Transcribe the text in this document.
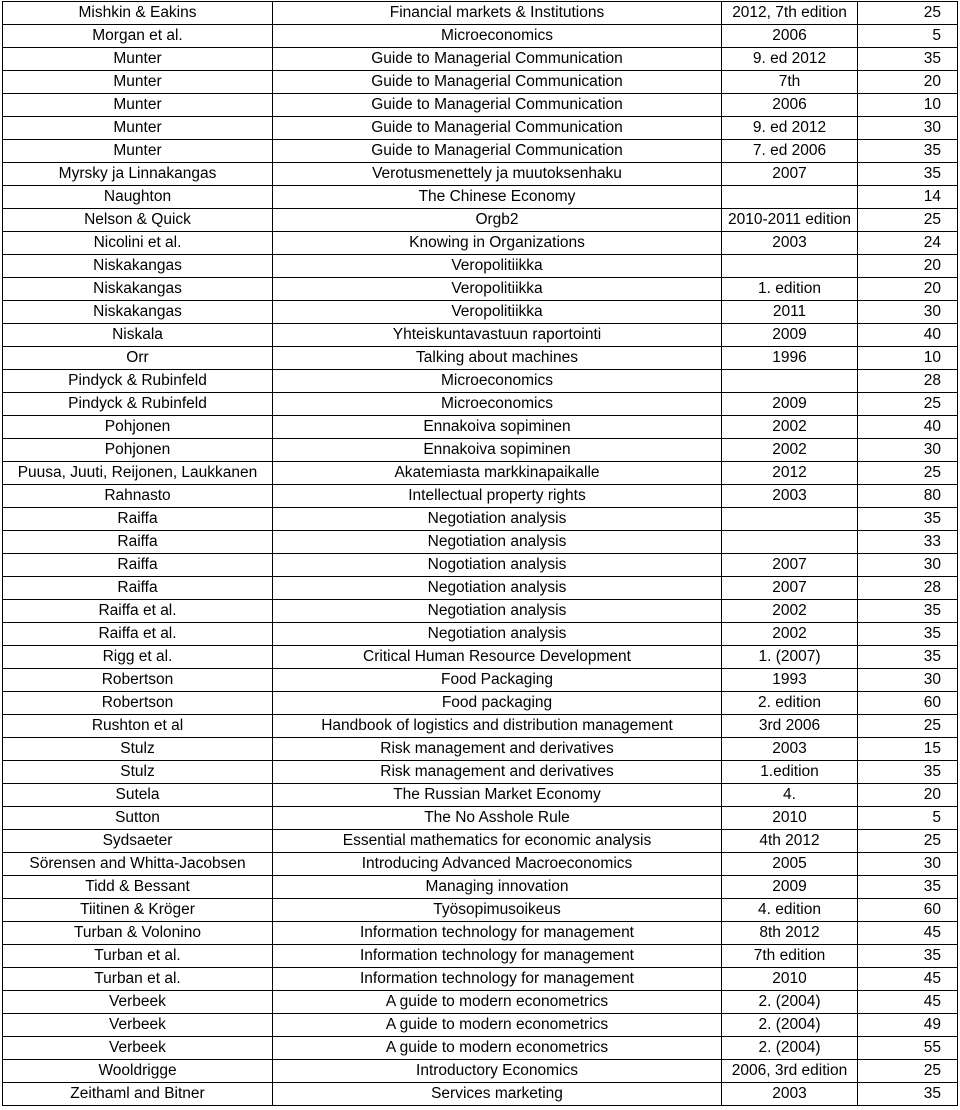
Mishkin & Eakins	Financial markets & Institutions	2012, 7th edition	25
Morgan et al.	Microeconomics	2006	5
Munter	Guide to Managerial Communication	9. ed 2012	35
Munter	Guide to Managerial Communication	7th	20
Munter	Guide to Managerial Communication	2006	10
Munter	Guide to Managerial Communication	9. ed 2012	30
Munter	Guide to Managerial Communication	7. ed 2006	35
Myrsky ja Linnakangas	Verotusmenettely ja muutoksenhaku	2007	35
Naughton	The Chinese Economy		14
Nelson & Quick	Orgb2	2010-2011 edition	25
Nicolini et al.	Knowing in Organizations	2003	24
Niskakangas	Veropolitiikka		20
Niskakangas	Veropolitiikka	1. edition	20
Niskakangas	Veropolitiikka	2011	30
Niskala	Yhteiskuntavastuun raportointi	2009	40
Orr	Talking about machines	1996	10
Pindyck & Rubinfeld	Microeconomics		28
Pindyck & Rubinfeld	Microeconomics	2009	25
Pohjonen	Ennakoiva sopiminen	2002	40
Pohjonen	Ennakoiva sopiminen	2002	30
Puusa, Juuti, Reijonen, Laukkanen	Akatemiasta markkinapaikalle	2012	25
Rahnasto	Intellectual property rights	2003	80
Raiffa	Negotiation analysis		35
Raiffa	Negotiation analysis		33
Raiffa	Nogotiation analysis	2007	30
Raiffa	Negotiation analysis	2007	28
Raiffa et al.	Negotiation analysis	2002	35
Raiffa et al.	Negotiation analysis	2002	35
Rigg et al.	Critical Human Resource Development	1. (2007)	35
Robertson	Food Packaging	1993	30
Robertson	Food packaging	2. edition	60
Rushton et al	Handbook of logistics and distribution management	3rd 2006	25
Stulz	Risk management and derivatives	2003	15
Stulz	Risk management and derivatives	1.edition	35
Sutela	The Russian Market Economy	4.	20
Sutton	The No Asshole Rule	2010	5
Sydsaeter	Essential mathematics for economic analysis	4th 2012	25
Sörensen and Whitta-Jacobsen	Introducing Advanced Macroeconomics	2005	30
Tidd & Bessant	Managing innovation	2009	35
Tiitinen & Kröger	Työsopimusoikeus	4. edition	60
Turban & Volonino	Information technology for management	8th 2012	45
Turban et al.	Information technology for management	7th edition	35
Turban et al.	Information technology for management	2010	45
Verbeek	A guide to modern econometrics	2. (2004)	45
Verbeek	A guide to modern econometrics	2. (2004)	49
Verbeek	A guide to modern econometrics	2. (2004)	55
Wooldrigge	Introductory Economics	2006, 3rd edition	25
Zeithaml and Bitner	Services marketing	2003	35
